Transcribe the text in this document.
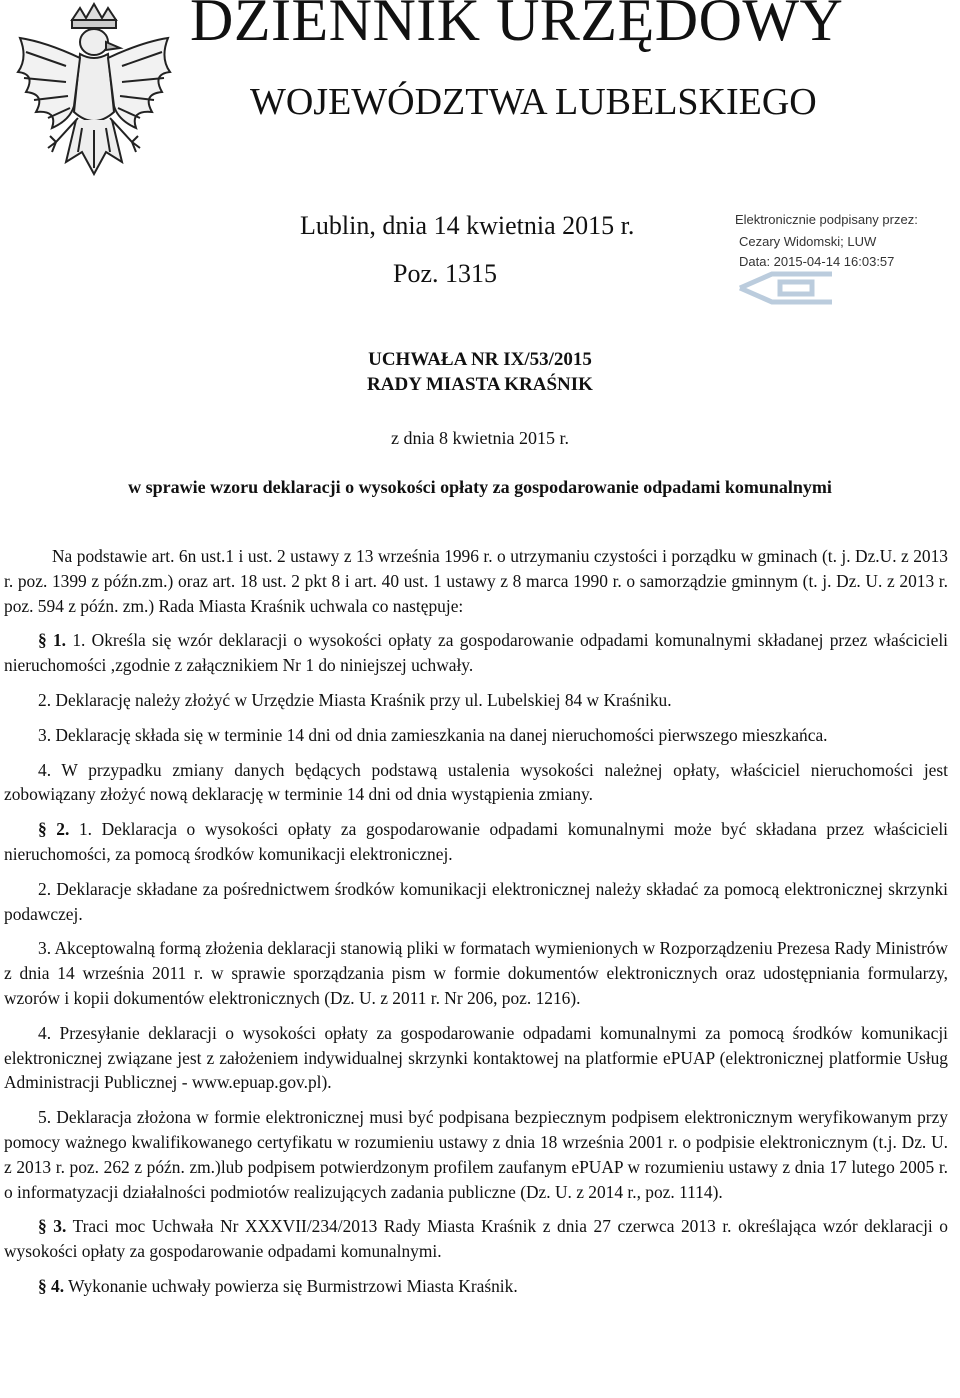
DZIENNIK URZĘDOWY
WOJEWÓDZTWA LUBELSKIEGO
Lublin, dnia 14 kwietnia 2015 r.
Poz. 1315
Elektronicznie podpisany przez:
Cezary Widomski; LUW
Data: 2015-04-14 16:03:57
UCHWAŁA NR IX/53/2015
RADY MIASTA KRAŚNIK
z dnia 8 kwietnia 2015 r.
w sprawie wzoru deklaracji o wysokości opłaty za gospodarowanie odpadami komunalnymi

Na podstawie art. 6n ust.1 i ust. 2 ustawy z 13 września 1996 r. o utrzymaniu czystości i porządku w gminach (t. j. Dz.U. z 2013 r. poz. 1399 z późn.zm.) oraz art. 18 ust. 2 pkt 8 i art. 40 ust. 1 ustawy z 8 marca 1990 r. o samorządzie gminnym (t. j. Dz. U. z 2013 r. poz. 594 z późn. zm.) Rada Miasta Kraśnik uchwala co następuje:

§ 1. 1. Określa się wzór deklaracji o wysokości opłaty za gospodarowanie odpadami komunalnymi składanej przez właścicieli nieruchomości ,zgodnie z załącznikiem Nr 1 do niniejszej uchwały.

2. Deklarację należy złożyć w Urzędzie Miasta Kraśnik przy ul. Lubelskiej 84 w Kraśniku.

3. Deklarację składa się w terminie 14 dni od dnia zamieszkania na danej nieruchomości pierwszego mieszkańca.

4. W przypadku zmiany danych będących podstawą ustalenia wysokości należnej opłaty, właściciel nieruchomości jest zobowiązany złożyć nową deklarację w terminie 14 dni od dnia wystąpienia zmiany.

§ 2. 1. Deklaracja o wysokości opłaty za gospodarowanie odpadami komunalnymi może być składana przez właścicieli nieruchomości, za pomocą środków komunikacji elektronicznej.

2. Deklaracje składane za pośrednictwem środków komunikacji elektronicznej należy składać za pomocą elektronicznej skrzynki podawczej.

3. Akceptowalną formą złożenia deklaracji stanowią pliki w formatach wymienionych w Rozporządzeniu Prezesa Rady Ministrów z dnia 14 września 2011 r. w sprawie sporządzania pism w formie dokumentów elektronicznych oraz udostępniania formularzy, wzorów i kopii dokumentów elektronicznych (Dz. U. z 2011 r. Nr 206, poz. 1216).

4. Przesyłanie deklaracji o wysokości opłaty za gospodarowanie odpadami komunalnymi za pomocą środków komunikacji elektronicznej związane jest z założeniem indywidualnej skrzynki kontaktowej na platformie ePUAP (elektronicznej platformie Usług Administracji Publicznej - www.epuap.gov.pl).

5. Deklaracja złożona w formie elektronicznej musi być podpisana bezpiecznym podpisem elektronicznym weryfikowanym przy pomocy ważnego kwalifikowanego certyfikatu w rozumieniu ustawy z dnia 18 września 2001 r. o podpisie elektronicznym (t.j. Dz. U. z 2013 r. poz. 262 z późn. zm.)lub podpisem potwierdzonym profilem zaufanym ePUAP w rozumieniu ustawy z dnia 17 lutego 2005 r. o informatyzacji działalności podmiotów realizujących zadania publiczne (Dz. U. z 2014 r., poz. 1114).

§ 3. Traci moc Uchwała Nr XXXVII/234/2013 Rady Miasta Kraśnik z dnia 27 czerwca 2013 r. określająca wzór deklaracji o wysokości opłaty za gospodarowanie odpadami komunalnymi.

§ 4. Wykonanie uchwały powierza się Burmistrzowi Miasta Kraśnik.
